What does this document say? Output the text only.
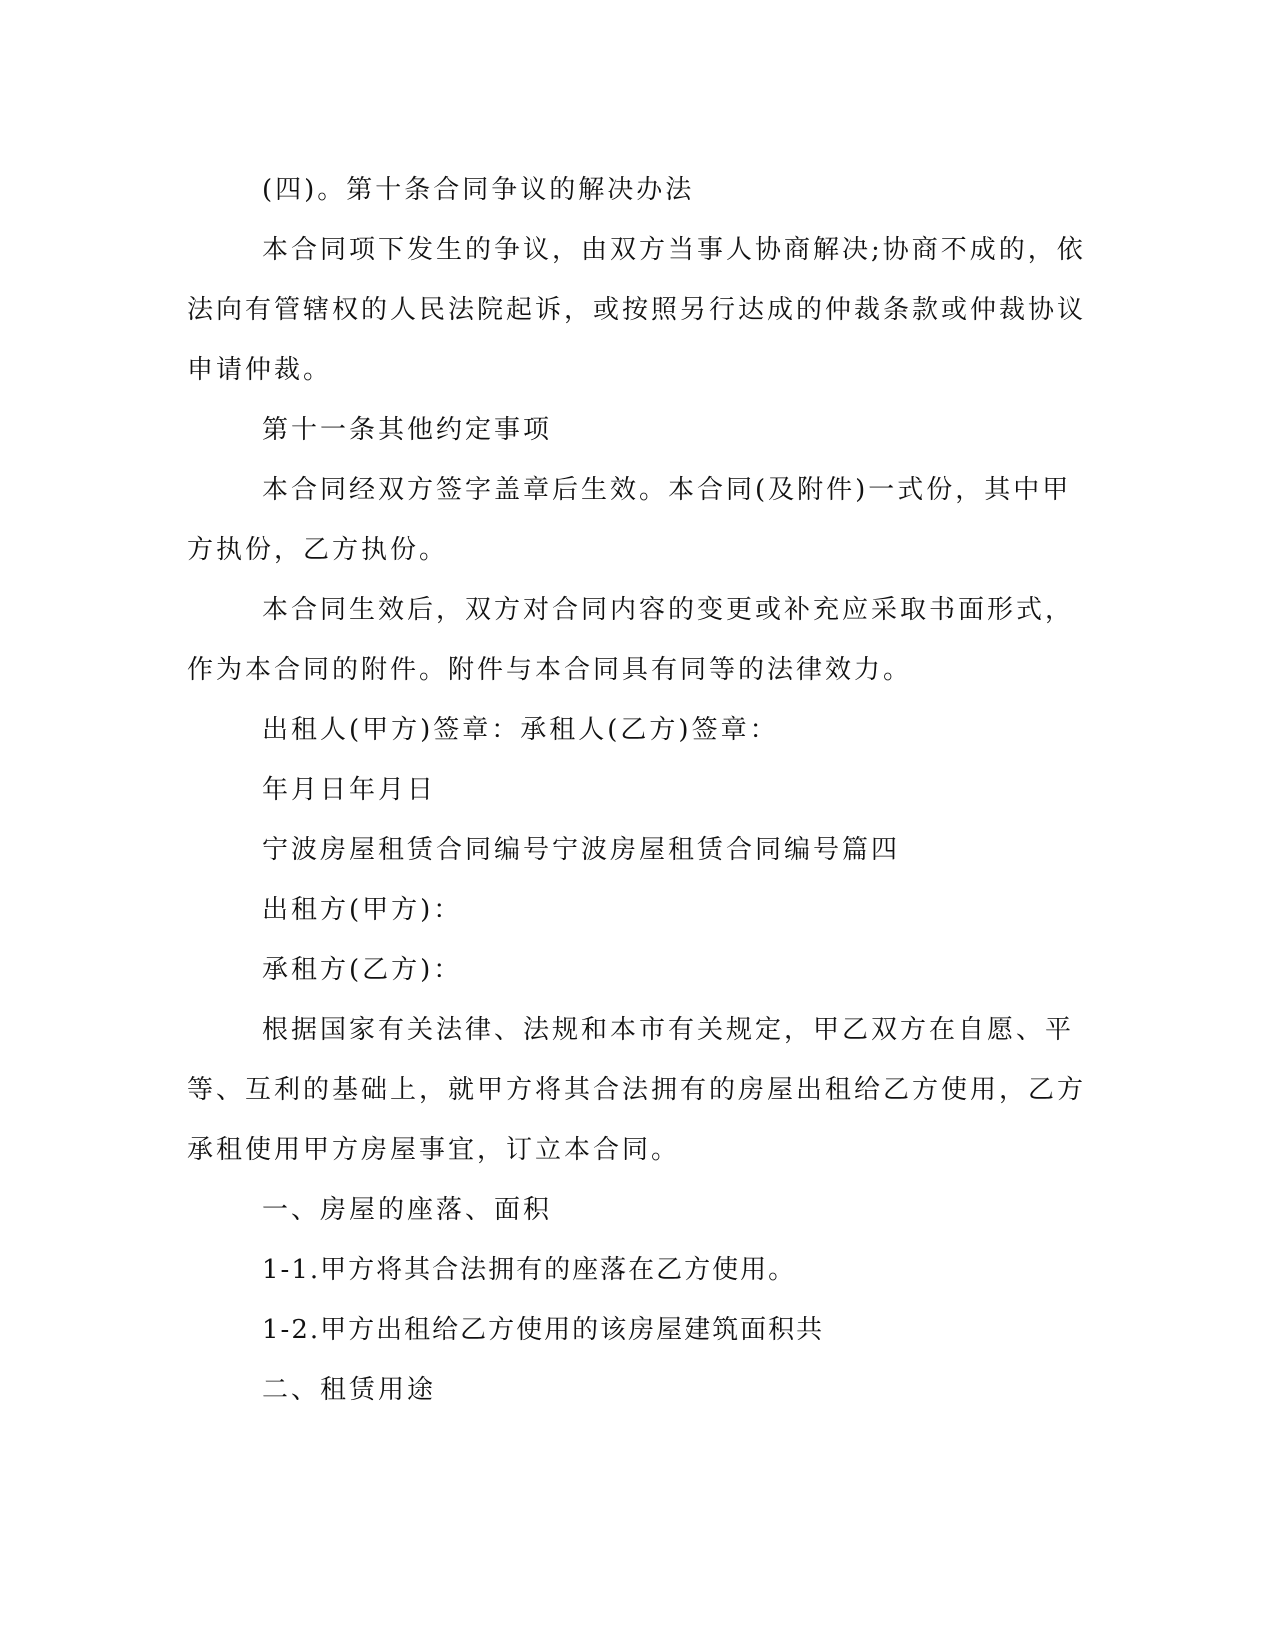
(四)。第十条合同争议的解决办法

本合同项下发生的争议，由双方当事人协商解决;协商不成的，依法向有管辖权的人民法院起诉，或按照另行达成的仲裁条款或仲裁协议申请仲裁。

第十一条其他约定事项

本合同经双方签字盖章后生效。本合同(及附件)一式份，其中甲方执份，乙方执份。

本合同生效后，双方对合同内容的变更或补充应采取书面形式，作为本合同的附件。附件与本合同具有同等的法律效力。

出租人(甲方)签章：承租人(乙方)签章：

年月日年月日

宁波房屋租赁合同编号宁波房屋租赁合同编号篇四

出租方(甲方)：

承租方(乙方)：

根据国家有关法律、法规和本市有关规定，甲乙双方在自愿、平等、互利的基础上，就甲方将其合法拥有的房屋出租给乙方使用，乙方承租使用甲方房屋事宜，订立本合同。

一、房屋的座落、面积

1-1.甲方将其合法拥有的座落在乙方使用。

1-2.甲方出租给乙方使用的该房屋建筑面积共

二、租赁用途
